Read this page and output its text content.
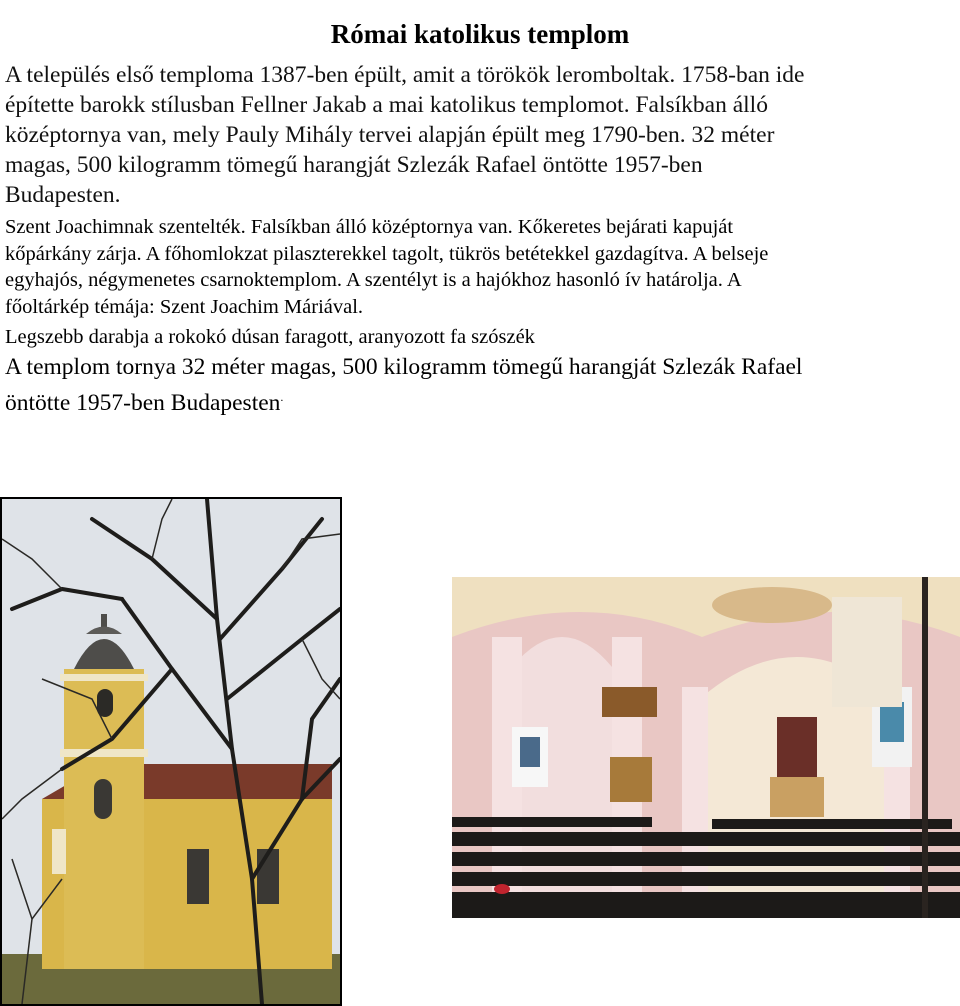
Római katolikus templom

A település első temploma 1387-ben épült, amit a törökök leromboltak. 1758-ban ide
építette barokk stílusban Fellner Jakab a mai katolikus templomot. Falsíkban álló
középtornya van, mely Pauly Mihály tervei alapján épült meg 1790-ben. 32 méter
magas, 500 kilogramm tömegű harangját Szlezák Rafael öntötte 1957-ben
Budapesten.

Szent Joachimnak szentelték. Falsíkban álló középtornya van. Kőkeretes bejárati kapuját
kőpárkány zárja. A főhomlokzat pilaszterekkel tagolt, tükrös betétekkel gazdagítva. A belseje
egyhajós, négymenetes csarnoktemplom. A szentélyt is a hajókhoz hasonló ív határolja. A
főoltárkép témája: Szent Joachim Máriával.

Legszebb darabja a rokokó dúsan faragott, aranyozott fa szószék

A templom tornya 32 méter magas, 500 kilogramm tömegű harangját Szlezák Rafael
öntötte 1957-ben Budapesten.
